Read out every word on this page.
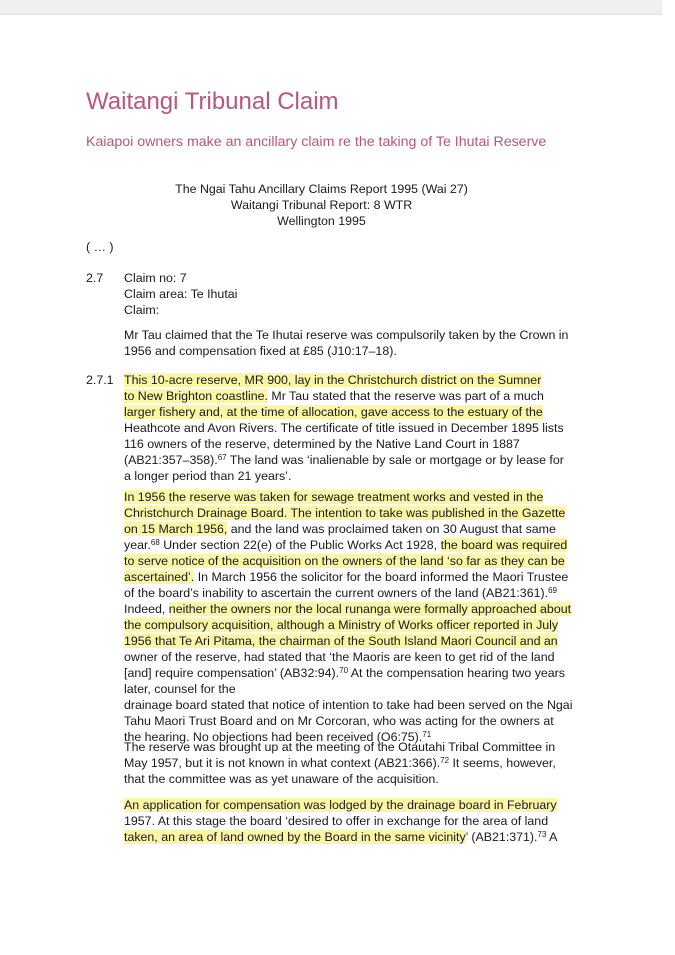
Waitangi Tribunal Claim
Kaiapoi owners make an ancillary claim re the taking of Te Ihutai Reserve
The Ngai Tahu Ancillary Claims Report 1995 (Wai 27)
Waitangi Tribunal Report: 8 WTR
Wellington 1995
( … )
2.7 Claim no: 7
Claim area: Te Ihutai
Claim:
Mr Tau claimed that the Te Ihutai reserve was compulsorily taken by the Crown in
1956 and compensation fixed at £85 (J10:17–18).
2.7.1 This 10-acre reserve, MR 900, lay in the Christchurch district on the Sumner
to New Brighton coastline. Mr Tau stated that the reserve was part of a much
larger fishery and, at the time of allocation, gave access to the estuary of the
Heathcote and Avon Rivers. The certificate of title issued in December 1895 lists
116 owners of the reserve, determined by the Native Land Court in 1887
(AB21:357–358).$^{67}$ The land was ‘inalienable by sale or mortgage or by lease for
a longer period than 21 years’.
In 1956 the reserve was taken for sewage treatment works and vested in the
Christchurch Drainage Board. The intention to take was published in the Gazette
on 15 March 1956, and the land was proclaimed taken on 30 August that same
year.$^{68}$ Under section 22(e) of the Public Works Act 1928, the board was required
to serve notice of the acquisition on the owners of the land ‘so far as they can be
ascertained’. In March 1956 the solicitor for the board informed the Maori Trustee
of the board’s inability to ascertain the current owners of the land (AB21:361).$^{69}$
Indeed, neither the owners nor the local runanga were formally approached about
the compulsory acquisition, although a Ministry of Works officer reported in July
1956 that Te Ari Pitama, the chairman of the South Island Maori Council and an
owner of the reserve, had stated that ‘the Maoris are keen to get rid of the land
[and] require compensation’ (AB32:94).$^{70}$ At the compensation hearing two years
later, counsel for the
drainage board stated that notice of intention to take had been served on the Ngai
Tahu Maori Trust Board and on Mr Corcoran, who was acting for the owners at
the hearing. No objections had been received (O6:75).$^{71}$
The reserve was brought up at the meeting of the Otautahi Tribal Committee in
May 1957, but it is not known in what context (AB21:366).$^{72}$ It seems, however,
that the committee was as yet unaware of the acquisition.
An application for compensation was lodged by the drainage board in February
1957. At this stage the board ‘desired to offer in exchange for the area of land
taken, an area of land owned by the Board in the same vicinity’ (AB21:371).$^{73}$ A
